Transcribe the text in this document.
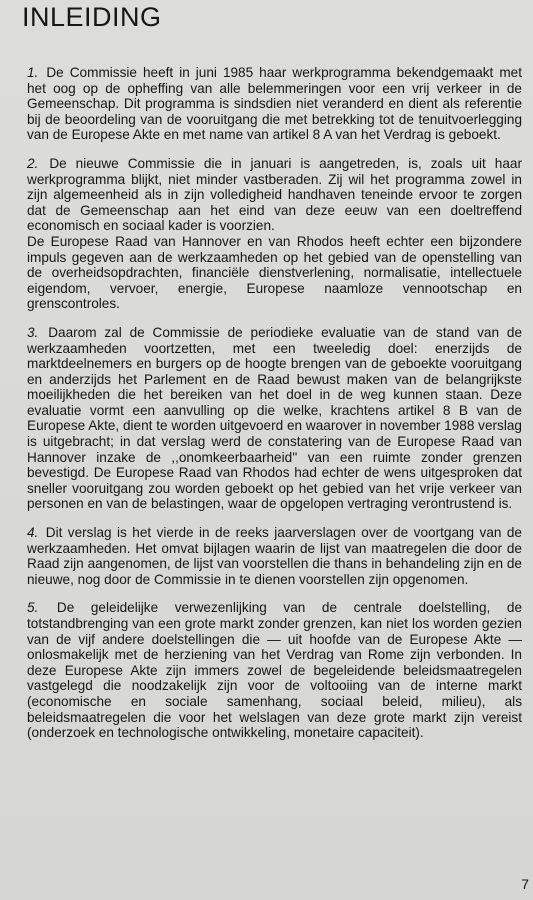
INLEIDING

1. De Commissie heeft in juni 1985 haar werkprogramma bekendgemaakt met het oog op de opheffing van alle belemmeringen voor een vrij verkeer in de Gemeenschap. Dit programma is sindsdien niet veranderd en dient als referentie bij de beoordeling van de vooruitgang die met betrekking tot de tenuitvoerlegging van de Europese Akte en met name van artikel 8 A van het Verdrag is geboekt.

2. De nieuwe Commissie die in januari is aangetreden, is, zoals uit haar werkprogramma blijkt, niet minder vastberaden. Zij wil het programma zowel in zijn algemeenheid als in zijn volledigheid handhaven teneinde ervoor te zorgen dat de Gemeenschap aan het eind van deze eeuw van een doeltreffend economisch en sociaal kader is voorzien.

De Europese Raad van Hannover en van Rhodos heeft echter een bijzondere impuls gegeven aan de werkzaamheden op het gebied van de openstelling van de overheidsopdrachten, financiële dienstverlening, normalisatie, intellectuele eigendom, vervoer, energie, Europese naamloze vennootschap en grenscontroles.

3. Daarom zal de Commissie de periodieke evaluatie van de stand van de werkzaamheden voortzetten, met een tweeledig doel: enerzijds de marktdeelnemers en burgers op de hoogte brengen van de geboekte vooruitgang en anderzijds het Parlement en de Raad bewust maken van de belangrijkste moeilijkheden die het bereiken van het doel in de weg kunnen staan. Deze evaluatie vormt een aanvulling op die welke, krachtens artikel 8 B van de Europese Akte, dient te worden uitgevoerd en waarover in november 1988 verslag is uitgebracht; in dat verslag werd de constatering van de Europese Raad van Hannover inzake de ,,onomkeerbaarheid'' van een ruimte zonder grenzen bevestigd. De Europese Raad van Rhodos had echter de wens uitgesproken dat sneller vooruitgang zou worden geboekt op het gebied van het vrije verkeer van personen en van de belastingen, waar de opgelopen vertraging verontrustend is.

4. Dit verslag is het vierde in de reeks jaarverslagen over de voortgang van de werkzaamheden. Het omvat bijlagen waarin de lijst van maatregelen die door de Raad zijn aangenomen, de lijst van voorstellen die thans in behandeling zijn en de nieuwe, nog door de Commissie in te dienen voorstellen zijn opgenomen.

5. De geleidelijke verwezenlijking van de centrale doelstelling, de totstandbrenging van een grote markt zonder grenzen, kan niet los worden gezien van de vijf andere doelstellingen die — uit hoofde van de Europese Akte — onlosmakelijk met de herziening van het Verdrag van Rome zijn verbonden. In deze Europese Akte zijn immers zowel de begeleidende beleidsmaatregelen vastgelegd die noodzakelijk zijn voor de voltooiing van de interne markt (economische en sociale samenhang, sociaal beleid, milieu), als beleidsmaatregelen die voor het welslagen van deze grote markt zijn vereist (onderzoek en technologische ontwikkeling, monetaire capaciteit).

7
